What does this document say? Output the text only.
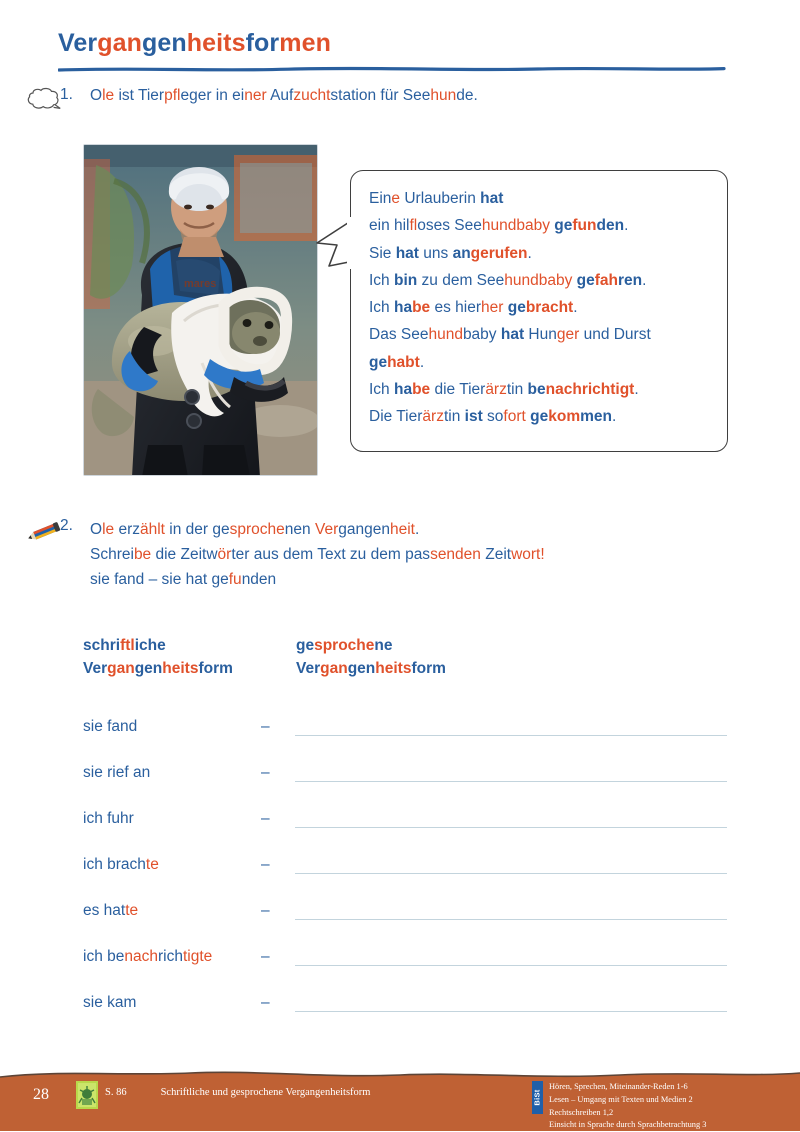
Vergangenheitsformen
1.	Ole ist Tierpfleger in einer Aufzuchtstation für Seehunde.
Eine Urlauberin hat
ein hilfloses Seehundbaby gefunden.
Sie hat uns angerufen.
Ich bin zu dem Seehundbaby gefahren.
Ich habe es hierher gebracht.
Das Seehundbaby hat Hunger und Durst
gehabt.
Ich habe die Tierärztin benachrichtigt.
Die Tierärztin ist sofort gekommen.
2.	Ole erzählt in der gesprochenen Vergangenheit.
Schreibe die Zeitwörter aus dem Text zu dem passenden Zeitwort!
sie fand – sie hat gefunden
schriftliche
Vergangenheitsform
gesprochene
Vergangenheitsform
sie fand	–
sie rief an	–
ich fuhr	–
ich brachte	–
es hatte	–
ich benachrichtigte	–
sie kam	–
28	S. 86	Schriftliche und gesprochene Vergangenheitsform	BiSt
Hören, Sprechen, Miteinander-Reden 1-6
Lesen – Umgang mit Texten und Medien 2
Rechtschreiben 1,2
Einsicht in Sprache durch Sprachbetrachtung 3
